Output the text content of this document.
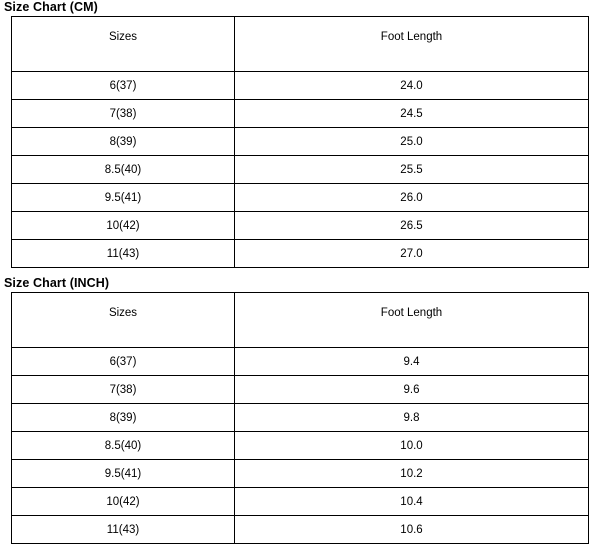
Size Chart (CM)
Sizes	Foot Length

6(37)	24.0
7(38)	24.5
8(39)	25.0
8.5(40)	25.5
9.5(41)	26.0
10(42)	26.5
11(43)	27.0
Size Chart (INCH)
Sizes	Foot Length

6(37)	9.4
7(38)	9.6
8(39)	9.8
8.5(40)	10.0
9.5(41)	10.2
10(42)	10.4
11(43)	10.6
